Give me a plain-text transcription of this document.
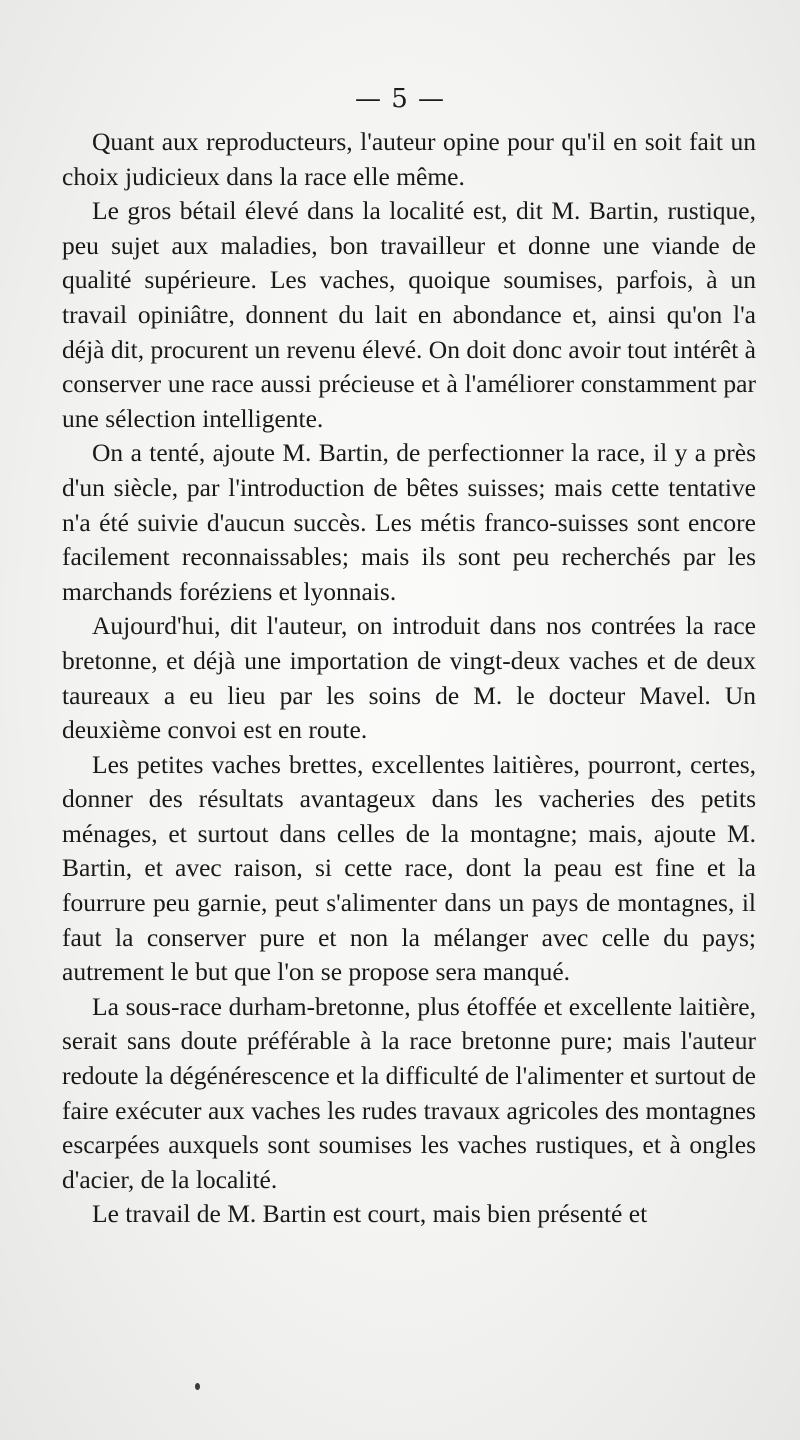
— 5 —

Quant aux reproducteurs, l'auteur opine pour qu'il en soit fait un choix judicieux dans la race elle même.

Le gros bétail élevé dans la localité est, dit M. Bartin, rustique, peu sujet aux maladies, bon travailleur et donne une viande de qualité supérieure. Les vaches, quoique soumises, parfois, à un travail opiniâtre, donnent du lait en abondance et, ainsi qu'on l'a déjà dit, procurent un revenu élevé. On doit donc avoir tout intérêt à conserver une race aussi précieuse et à l'améliorer constamment par une sélection intelligente.

On a tenté, ajoute M. Bartin, de perfectionner la race, il y a près d'un siècle, par l'introduction de bêtes suisses; mais cette tentative n'a été suivie d'aucun succès. Les métis franco-suisses sont encore facilement reconnaissables; mais ils sont peu recherchés par les marchands foréziens et lyonnais.

Aujourd'hui, dit l'auteur, on introduit dans nos contrées la race bretonne, et déjà une importation de vingt-deux vaches et de deux taureaux a eu lieu par les soins de M. le docteur Mavel. Un deuxième convoi est en route.

Les petites vaches brettes, excellentes laitières, pourront, certes, donner des résultats avantageux dans les vacheries des petits ménages, et surtout dans celles de la montagne; mais, ajoute M. Bartin, et avec raison, si cette race, dont la peau est fine et la fourrure peu garnie, peut s'alimenter dans un pays de montagnes, il faut la conserver pure et non la mélanger avec celle du pays; autrement le but que l'on se propose sera manqué.

La sous-race durham-bretonne, plus étoffée et excellente laitière, serait sans doute préférable à la race bretonne pure; mais l'auteur redoute la dégénérescence et la difficulté de l'alimenter et surtout de faire exécuter aux vaches les rudes travaux agricoles des montagnes escarpées auxquels sont soumises les vaches rustiques, et à ongles d'acier, de la localité.

Le travail de M. Bartin est court, mais bien présenté et
